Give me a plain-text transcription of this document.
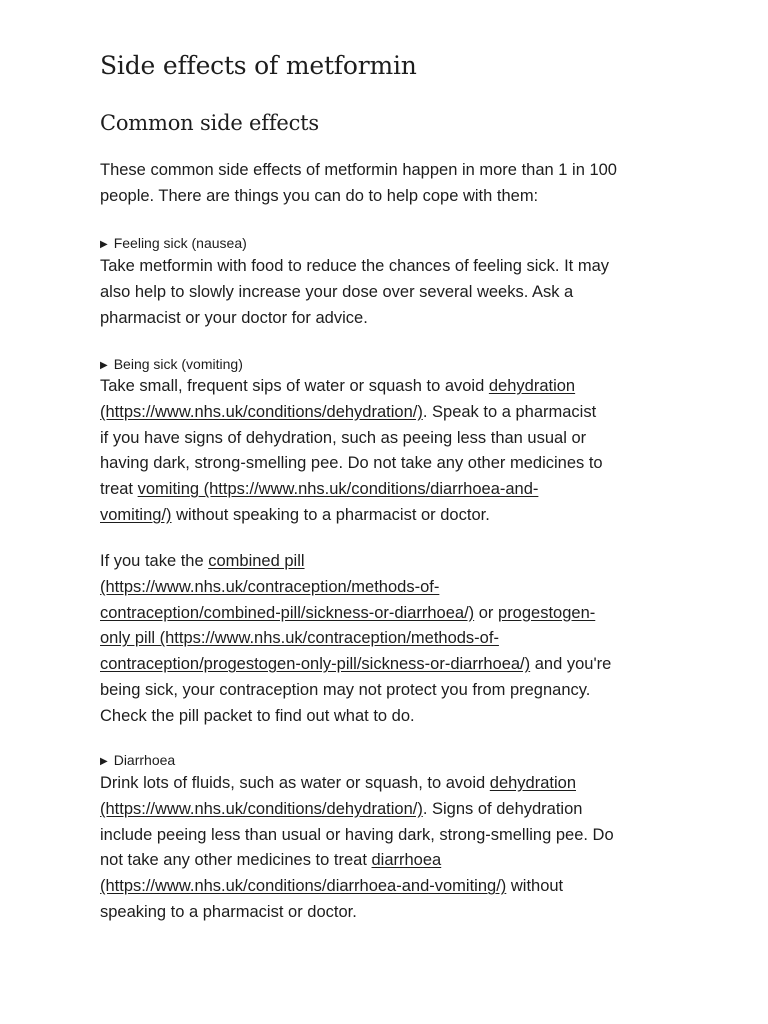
Side effects of metformin
Common side effects

These common side effects of metformin happen in more than 1 in 100
people. There are things you can do to help cope with them:

▶ Feeling sick (nausea)

Take metformin with food to reduce the chances of feeling sick. It may
also help to slowly increase your dose over several weeks. Ask a
pharmacist or your doctor for advice.

▶ Being sick (vomiting)

Take small, frequent sips of water or squash to avoid dehydration
(https://www.nhs.uk/conditions/dehydration/). Speak to a pharmacist
if you have signs of dehydration, such as peeing less than usual or
having dark, strong-smelling pee. Do not take any other medicines to
treat vomiting (https://www.nhs.uk/conditions/diarrhoea-and-
vomiting/) without speaking to a pharmacist or doctor.

If you take the combined pill
(https://www.nhs.uk/contraception/methods-of-
contraception/combined-pill/sickness-or-diarrhoea/) or progestogen-
only pill (https://www.nhs.uk/contraception/methods-of-
contraception/progestogen-only-pill/sickness-or-diarrhoea/) and you're
being sick, your contraception may not protect you from pregnancy.
Check the pill packet to find out what to do.

▶ Diarrhoea

Drink lots of fluids, such as water or squash, to avoid dehydration
(https://www.nhs.uk/conditions/dehydration/). Signs of dehydration
include peeing less than usual or having dark, strong-smelling pee. Do
not take any other medicines to treat diarrhoea
(https://www.nhs.uk/conditions/diarrhoea-and-vomiting/) without
speaking to a pharmacist or doctor.
